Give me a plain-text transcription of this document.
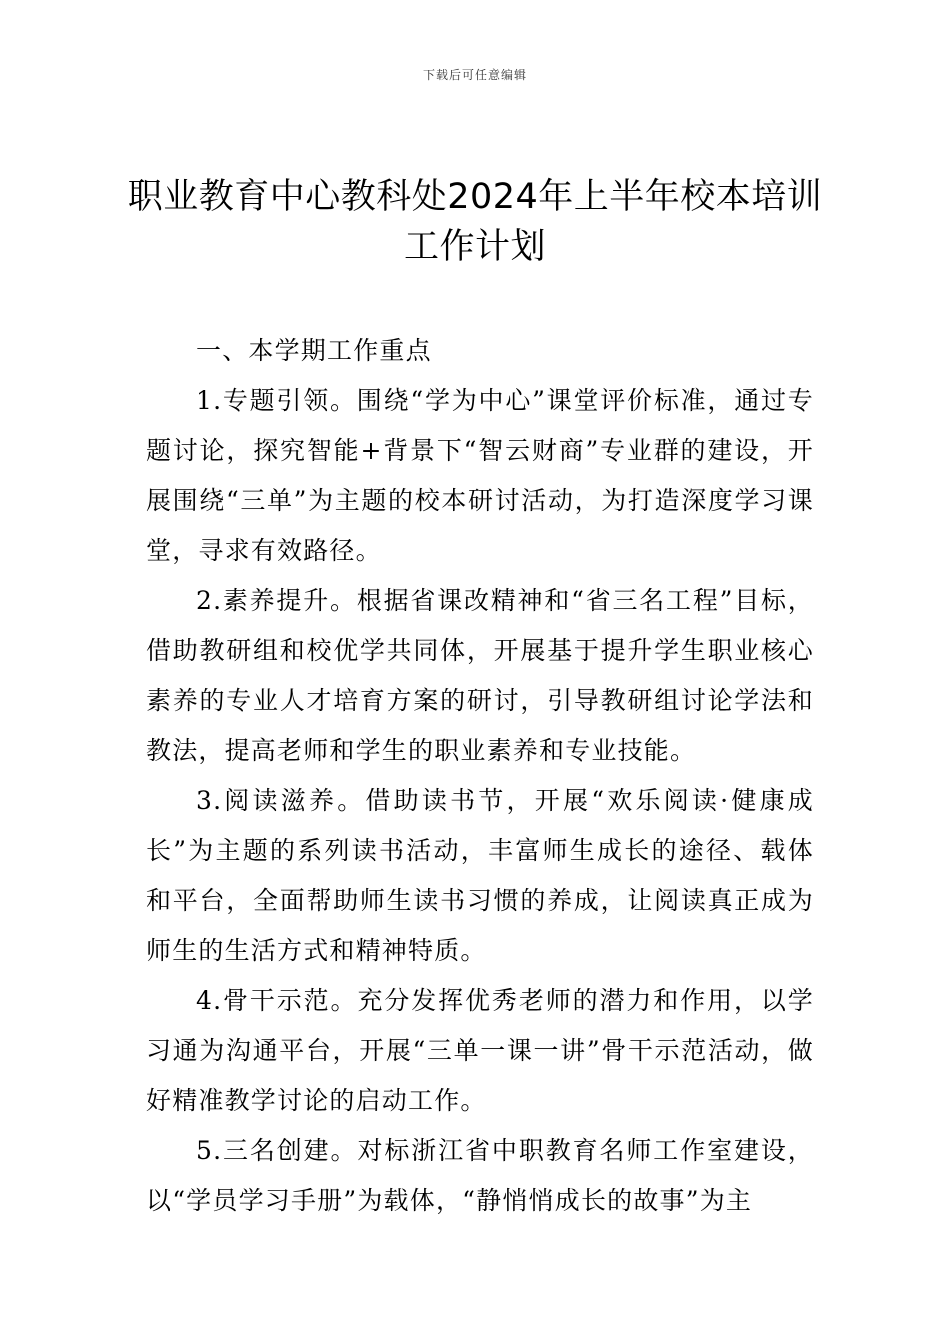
下载后可任意编辑
职业教育中心教科处2024年上半年校本培训工作计划

一、本学期工作重点

1.专题引领。围绕“学为中心”课堂评价标准，通过专题讨论，探究智能+背景下“智云财商”专业群的建设，开展围绕“三单”为主题的校本研讨活动，为打造深度学习课堂，寻求有效路径。

2.素养提升。根据省课改精神和“省三名工程”目标，借助教研组和校优学共同体，开展基于提升学生职业核心素养的专业人才培育方案的研讨，引导教研组讨论学法和教法，提高老师和学生的职业素养和专业技能。

3.阅读滋养。借助读书节，开展“欢乐阅读·健康成长”为主题的系列读书活动，丰富师生成长的途径、载体和平台，全面帮助师生读书习惯的养成，让阅读真正成为师生的生活方式和精神特质。

4.骨干示范。充分发挥优秀老师的潜力和作用，以学习通为沟通平台，开展“三单一课一讲”骨干示范活动，做好精准教学讨论的启动工作。

5.三名创建。对标浙江省中职教育名师工作室建设，以“学员学习手册”为载体，“静悄悄成长的故事”为主
